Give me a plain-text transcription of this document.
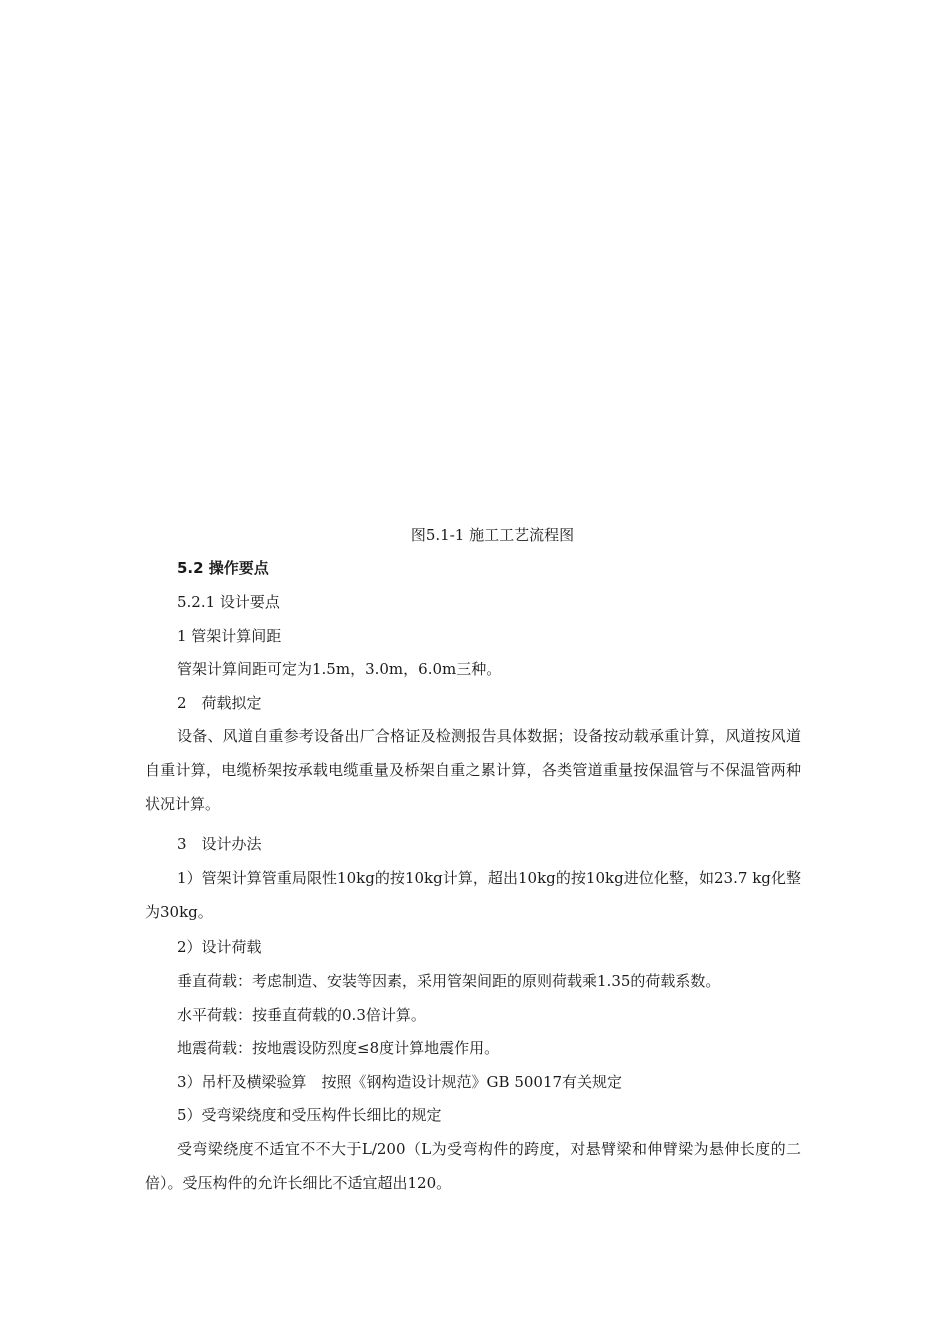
图5.1-1 施工工艺流程图
5.2 操作要点
5.2.1 设计要点
1 管架计算间距
管架计算间距可定为1.5m，3.0m，6.0m三种。
2　荷载拟定
设备、风道自重参考设备出厂合格证及检测报告具体数据；设备按动载承重计算，风道按风道自重计算，电缆桥架按承载电缆重量及桥架自重之累计算，各类管道重量按保温管与不保温管两种状况计算。
3　设计办法
1）管架计算管重局限性10kg的按10kg计算，超出10kg的按10kg进位化整，如23.7 kg化整为30kg。
2）设计荷载
垂直荷载：考虑制造、安装等因素，采用管架间距的原则荷载乘1.35的荷载系数。
水平荷载：按垂直荷载的0.3倍计算。
地震荷载：按地震设防烈度≤8度计算地震作用。
3）吊杆及横梁验算　按照《钢构造设计规范》GB 50017有关规定
5）受弯梁绕度和受压构件长细比的规定
受弯梁绕度不适宜不不大于L/200（L为受弯构件的跨度，对悬臂梁和伸臂梁为悬伸长度的二倍）。受压构件的允许长细比不适宜超出120。
